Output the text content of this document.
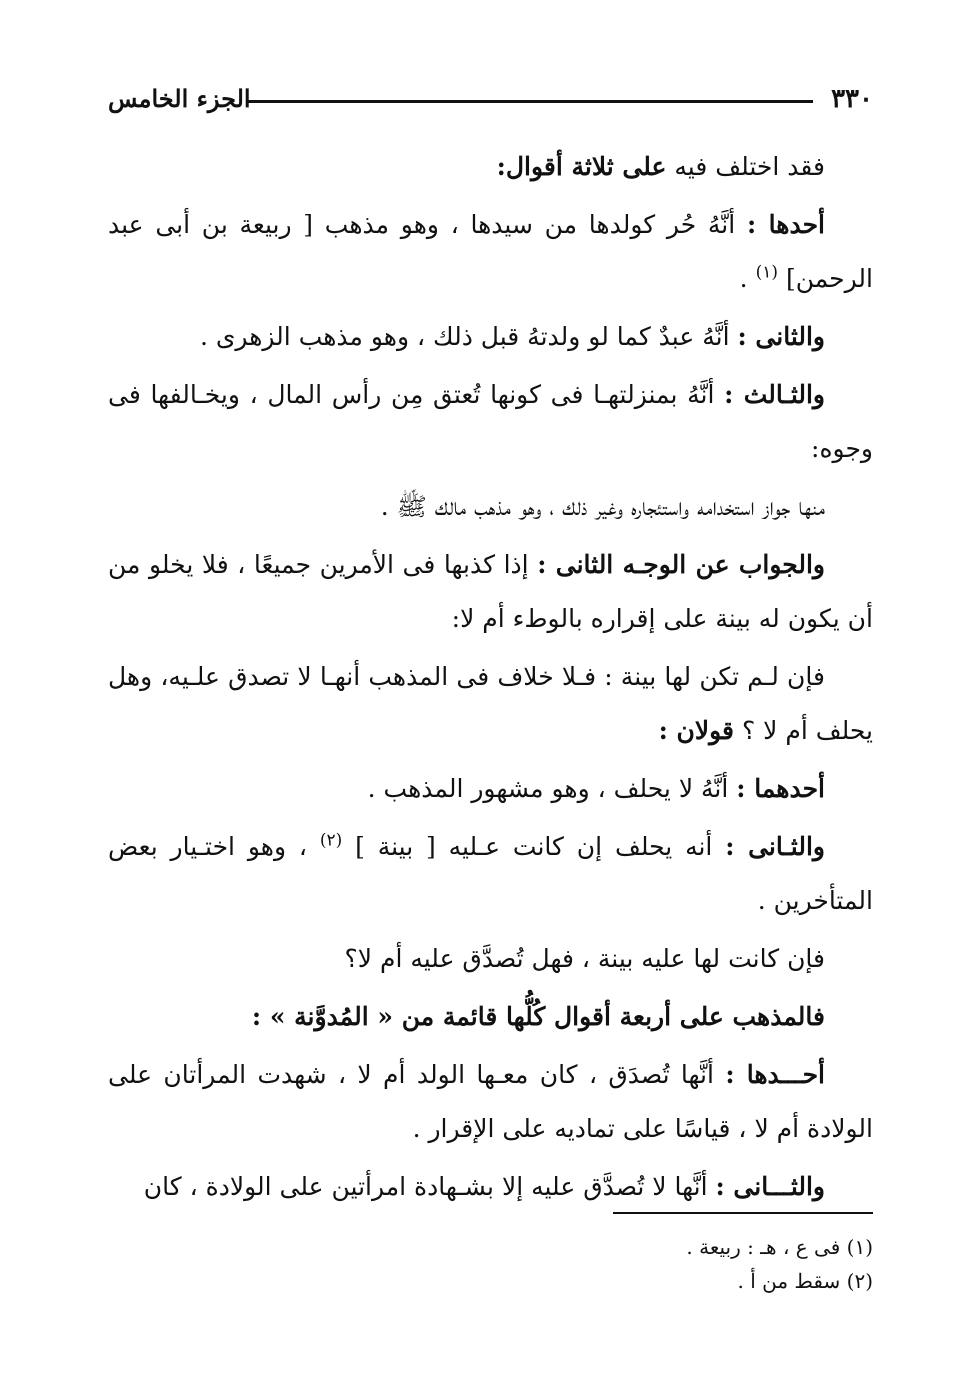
٣٣٠
الجزء الخامس

فقد اختلف فيه على ثلاثة أقوال:

أحدها : أنَّهُ حُر كولدها من سيدها ، وهو مذهب [ ربيعة بن أبى عبد الرحمن] $^{(١)}$ .

والثانى : أنَّهُ عبدٌ كما لو ولدتهُ قبل ذلك ، وهو مذهب الزهرى .

والثـالث : أنَّهُ بمنزلتهـا فى كونها تُعتق مِن رأس المال ، ويخـالفها فى وجوه:

منها جواز استخدامه واستئجاره وغير ذلك ، وهو مذهب مالك ﷺ .

والجواب عن الوجـه الثانى : إذا كذبها فى الأمرين جميعًا ، فلا يخلو من أن يكون له بينة على إقراره بالوطء أم لا:

فإن لـم تكن لها بينة : فـلا خلاف فى المذهب أنهـا لا تصدق علـيه، وهل يحلف أم لا ؟ قولان :

أحدهما : أنَّهُ لا يحلف ، وهو مشهور المذهب .

والثـانى : أنه يحلف إن كانت عـليه [ بينة ] $^{(٢)}$ ، وهو اختـيار بعض المتأخرين .

فإن كانت لها عليه بينة ، فهل تُصدَّق عليه أم لا؟

فالمذهب على أربعة أقوال كُلُّها قائمة من « المُدوَّنة » :

أحـــدها : أنَّها تُصدَق ، كان معـها الولد أم لا ، شهدت المرأتان على الولادة أم لا ، قياسًا على تماديه على الإقرار .

والثـــانى : أنَّها لا تُصدَّق عليه إلا بشـهادة امرأتين على الولادة ، كان

(١) فى ع ، هـ : ربيعة .
(٢) سقط من أ .
